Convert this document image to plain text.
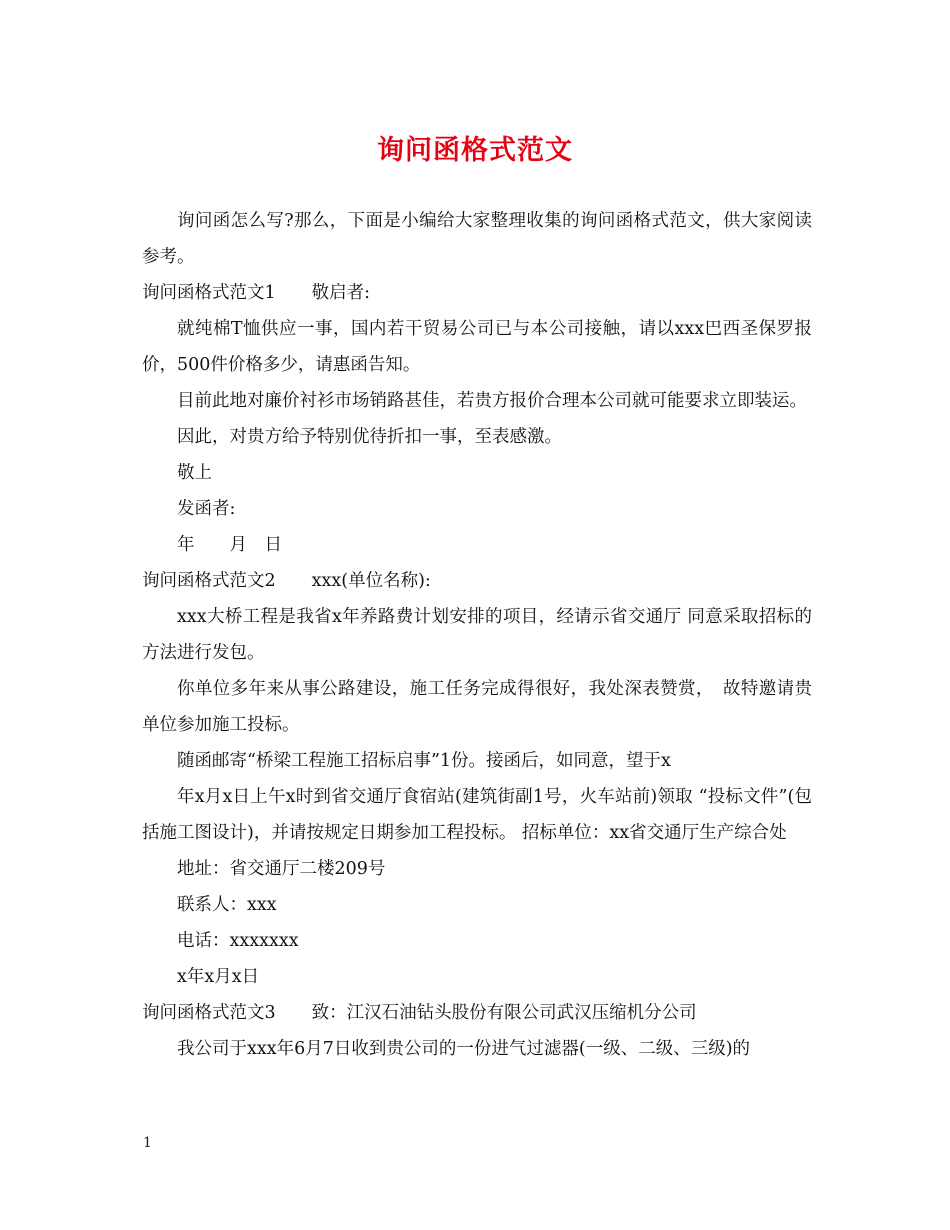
询问函格式范文

询问函怎么写?那么，下面是小编给大家整理收集的询问函格式范文，供大家阅读参考。

询问函格式范文1 敬启者:

就纯棉T恤供应一事，国内若干贸易公司已与本公司接触，请以xxx巴西圣保罗报价，500件价格多少，请惠函告知。

目前此地对廉价衬衫市场销路甚佳，若贵方报价合理本公司就可能要求立即装运。

因此，对贵方给予特别优待折扣一事，至表感激。

敬上

发函者:

年　　月　日

询问函格式范文2 xxx(单位名称):

xxx大桥工程是我省x年养路费计划安排的项目，经请示省交通厅 同意采取招标的方法进行发包。

你单位多年来从事公路建设，施工任务完成得很好，我处深表赞赏，　故特邀请贵单位参加施工投标。

随函邮寄“桥梁工程施工招标启事”1份。接函后，如同意，望于x

年x月x日上午x时到省交通厅食宿站(建筑街副1号，火车站前)领取 “投标文件”(包括施工图设计)，并请按规定日期参加工程投标。 招标单位：xx省交通厅生产综合处

地址：省交通厅二楼209号

联系人：xxx

电话：xxxxxxx

x年x月x日

询问函格式范文3 致：江汉石油钻头股份有限公司武汉压缩机分公司

我公司于xxx年6月7日收到贵公司的一份进气过滤器(一级、二级、三级)的

1
